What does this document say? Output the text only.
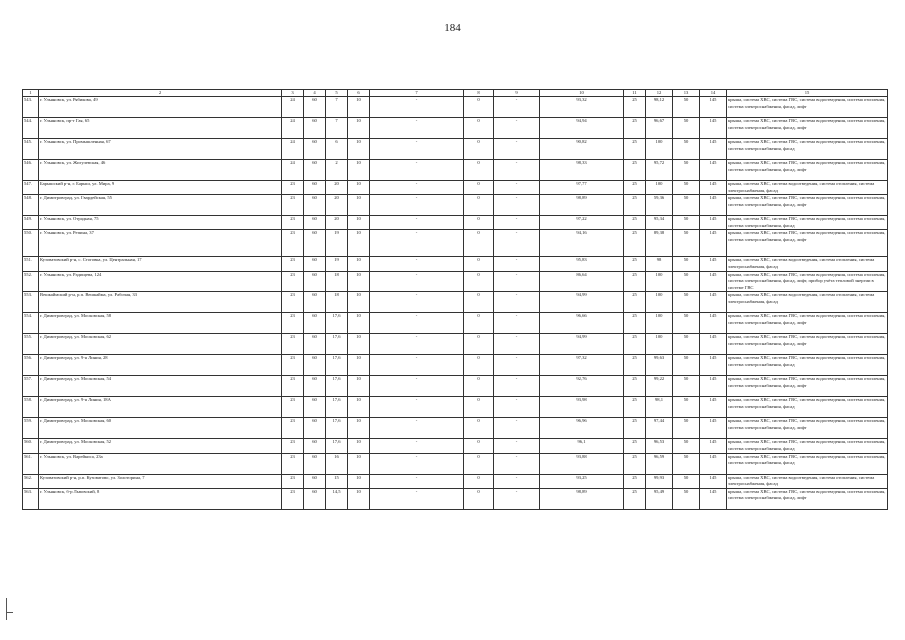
184
1	2	3	4	5	6	7	8	9	10	11	12	13	14	15
543.	г. Ульяновск, ул. Рябикова, 49	24	60	7	10	-	0	-	93,32	25	98,12	50	145	крыша, система ХВС, система ГВС, система водоотведения, система отопления, система электроснабжения, фасад, лифт
544.	г. Ульяновск, пр-т Гая, 65	24	60	7	10	-	0	-	94,94	25	96,67	50	145	крыша, система ХВС, система ГВС, система водоотведения, система отопления, система электроснабжения, фасад, лифт
545.	г. Ульяновск, ул. Промышленная, 67	24	60	6	10	-	0	-	90,82	25	100	50	145	крыша, система ХВС, система ГВС, система водоотведения, система отопления, система электроснабжения, фасад
546.	г. Ульяновск, ул. Жигулевская, 46	24	60	2	10	-	0	-	98,33	25	95,72	50	145	крыша, система ХВС, система ГВС, система водоотведения, система отопления, система электроснабжения, фасад, лифт
547.	Барышский р-н, г. Барыш, ул. Мира, 9	23	60	20	10	-	0	-	97,77	25	100	50	145	крыша, система ХВС, система водоотведения, система отопления, система электроснабжения, фасад
548.	г. Димитровград, ул. Гвардейская, 55	23	60	20	10	-	0	-	98,89	25	59,36	50	145	крыша, система ХВС, система ГВС, система водоотведения, система отопления, система электроснабжения, фасад, лифт
549.	г. Ульяновск, ул. Отрадная, 75	23	60	20	10	-	0	-	97,22	25	95,34	50	145	крыша, система ХВС, система ГВС, система водоотведения, система отопления, система электроснабжения, фасад
550.	г. Ульяновск, ул. Репина, 37	23	60	19	10	-	0	-	94,16	25	89,38	50	145	крыша, система ХВС, система ГВС, система водоотведения, система отопления, система электроснабжения, фасад, лифт
551.	Кузоватовский р-н, с. Стоговка, ул. Центральная, 17	23	60	19	10	-	0	-	95,83	25	98	50	145	крыша, система ХВС, система водоотведения, система отопления, система электроснабжения, фасад
552.	г. Ульяновск, ул. Радищева, 124	23	60	18	10	-	0	-	86,64	25	100	50	145	крыша, система ХВС, система ГВС, система водоотведения, система отопления, система электроснабжения, фасад, лифт, прибор учёта тепловой энергии в системе ГВС
553.	Вешкаймский р-н, р.п. Вешкайма, ул. Рабочая, 33	23	60	18	10	-	0	-	94,99	25	100	50	145	крыша, система ХВС, система водоотведения, система отопления, система электроснабжения, фасад
554.	г. Димитровград, ул. Московская, 58	23	60	17,6	10	-	0	-	96,66	25	100	50	145	крыша, система ХВС, система ГВС, система водоотведения, система отопления, система электроснабжения, фасад, лифт
555.	г. Димитровград, ул. Московская, 62	23	60	17,6	10	-	0	-	94,99	25	100	50	145	крыша, система ХВС, система ГВС, система водоотведения, система отопления, система электроснабжения, фасад, лифт
556.	г. Димитровград, ул. 9-я Линия, 28	23	60	17,6	10	-	0	-	97,32	25	99,63	50	145	крыша, система ХВС, система ГВС, система водоотведения, система отопления, система электроснабжения, фасад
557.	г. Димитровград, ул. Московская, 54	23	60	17,6	10	-	0	-	92,76	25	99,22	50	145	крыша, система ХВС, система ГВС, система водоотведения, система отопления, система электроснабжения, фасад, лифт
558.	г. Димитровград, ул. 9-я Линия, 18А	23	60	17,6	10	-	0	-	93,98	25	98,1	50	145	крыша, система ХВС, система ГВС, система водоотведения, система отопления, система электроснабжения, фасад
559.	г. Димитровград, ул. Московская, 60	23	60	17,6	10	-	0	-	96,96	25	97,44	50	145	крыша, система ХВС, система ГВС, система водоотведения, система отопления, система электроснабжения, фасад, лифт
560.	г. Димитровград, ул. Московская, 52	23	60	17,6	10	-	0	-	96,1	25	96,53	50	145	крыша, система ХВС, система ГВС, система водоотведения, система отопления, система электроснабжения, фасад
561.	г. Ульяновск, ул. Варейкиса, 23а	23	60	16	10	-	0	-	93,88	25	96,59	50	145	крыша, система ХВС, система ГВС, система водоотведения, система отопления, система электроснабжения, фасад
562.	Кузоватовский р-н, р.п. Кузоватово, ул. Золоторина, 7	23	60	15	10	-	0	-	93,25	25	99,93	50	145	крыша, система ХВС, система водоотведения, система отопления, система электроснабжения, фасад
563.	г. Ульяновск, б-р Львовский, 8	23	60	14,5	10	-	0	-	98,89	25	95,49	50	145	крыша, система ХВС, система ГВС, система водоотведения, система отопления, система электроснабжения, фасад, лифт
